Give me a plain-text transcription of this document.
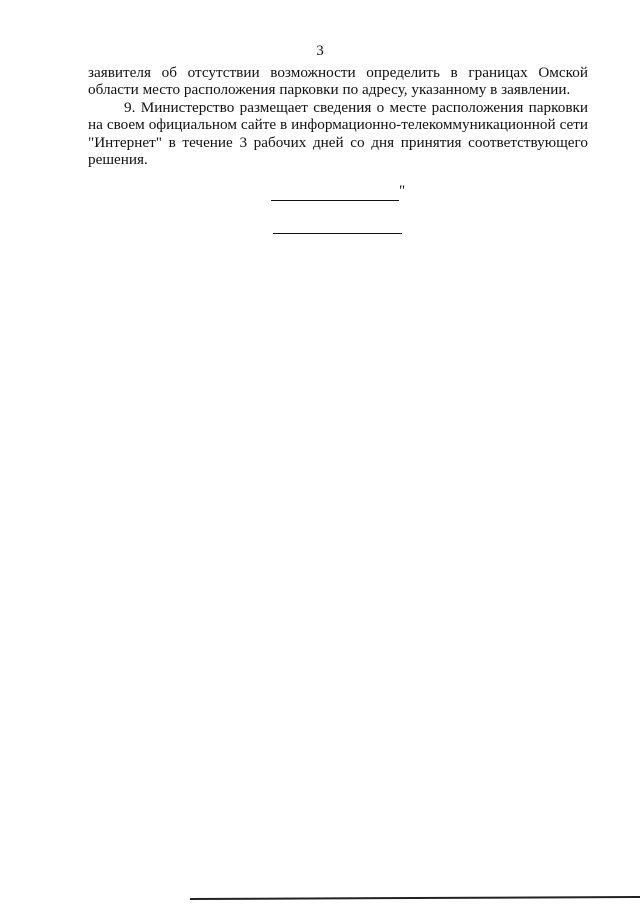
3

заявителя об отсутствии возможности определить в границах Омской области место расположения парковки по адресу, указанному в заявлении.

9. Министерство размещает сведения о месте расположения парковки на своем официальном сайте в информационно-телекоммуникационной сети "Интернет" в течение 3 рабочих дней со дня принятия соответствующего решения.

"
